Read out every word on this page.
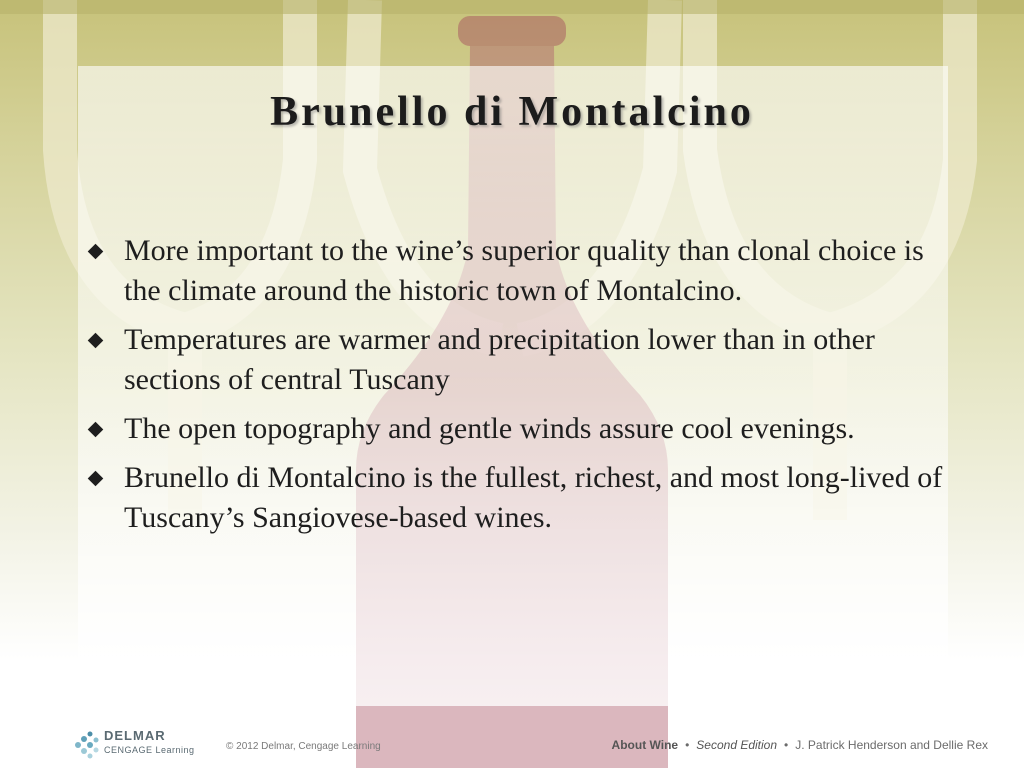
Brunello di Montalcino
More important to the wine’s superior quality than clonal choice is the climate around the historic town of Montalcino.
Temperatures are warmer and precipitation lower than in other sections of central Tuscany
The open topography and gentle winds assure cool evenings.
Brunello di Montalcino is the fullest, richest, and most long-lived of Tuscany’s Sangiovese-based wines.
DELMAR
CENGAGE Learning	© 2012 Delmar, Cengage Learning	About Wine • Second Edition • J. Patrick Henderson and Dellie Rex
